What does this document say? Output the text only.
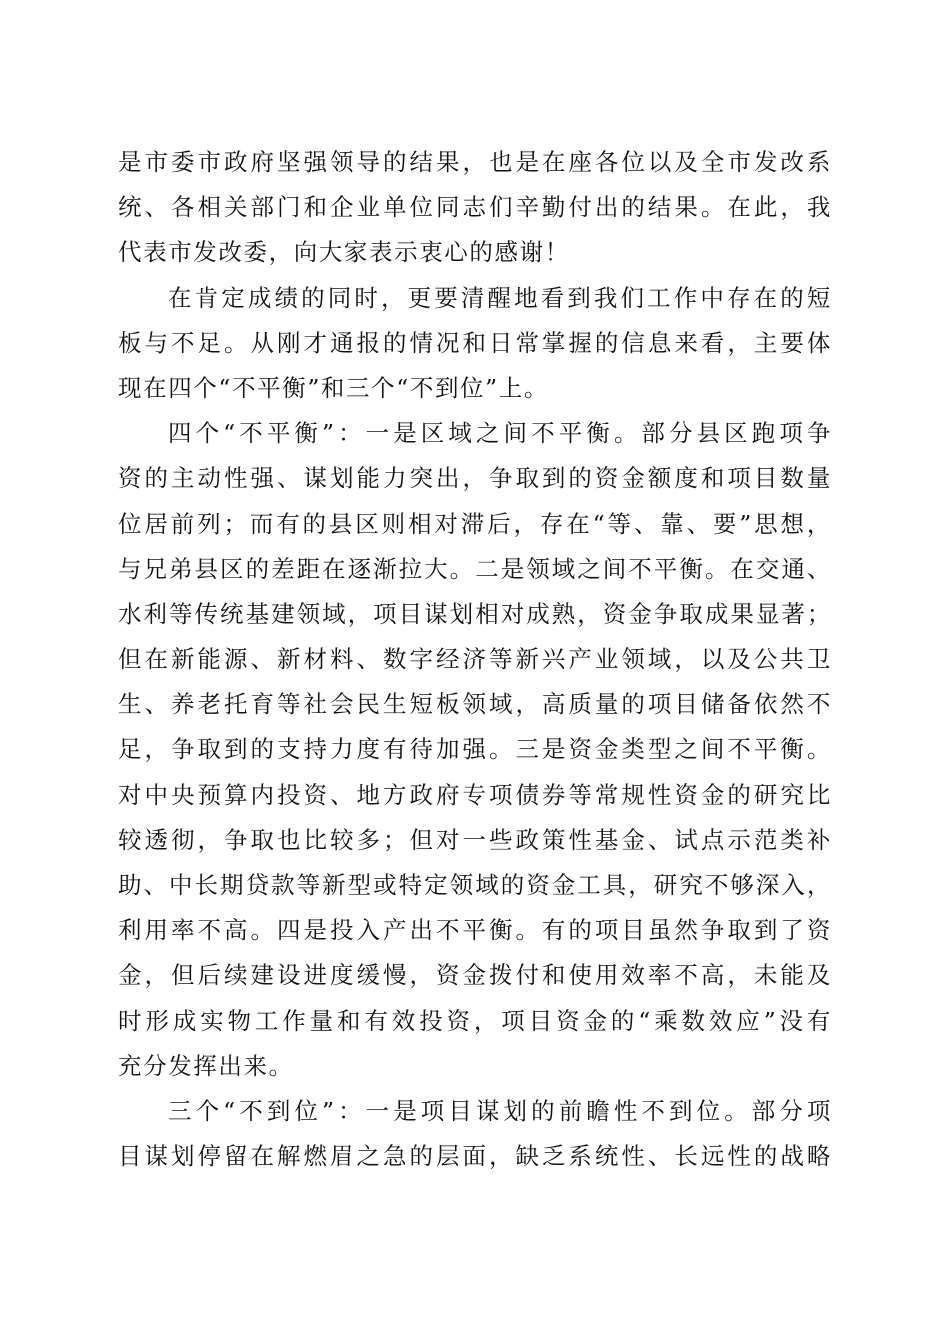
是市委市政府坚强领导的结果，也是在座各位以及全市发改系
统、各相关部门和企业单位同志们辛勤付出的结果。在此，我
代表市发改委，向大家表示衷心的感谢！
在肯定成绩的同时，更要清醒地看到我们工作中存在的短
板与不足。从刚才通报的情况和日常掌握的信息来看，主要体
现在四个“不平衡”和三个“不到位”上。
四个“不平衡”：一是区域之间不平衡。部分县区跑项争
资的主动性强、谋划能力突出，争取到的资金额度和项目数量
位居前列；而有的县区则相对滞后，存在“等、靠、要”思想，
与兄弟县区的差距在逐渐拉大。二是领域之间不平衡。在交通、
水利等传统基建领域，项目谋划相对成熟，资金争取成果显著；
但在新能源、新材料、数字经济等新兴产业领域，以及公共卫
生、养老托育等社会民生短板领域，高质量的项目储备依然不
足，争取到的支持力度有待加强。三是资金类型之间不平衡。
对中央预算内投资、地方政府专项债券等常规性资金的研究比
较透彻，争取也比较多；但对一些政策性基金、试点示范类补
助、中长期贷款等新型或特定领域的资金工具，研究不够深入，
利用率不高。四是投入产出不平衡。有的项目虽然争取到了资
金，但后续建设进度缓慢，资金拨付和使用效率不高，未能及
时形成实物工作量和有效投资，项目资金的“乘数效应”没有
充分发挥出来。
三个“不到位”：一是项目谋划的前瞻性不到位。部分项
目谋划停留在解燃眉之急的层面，缺乏系统性、长远性的战略
